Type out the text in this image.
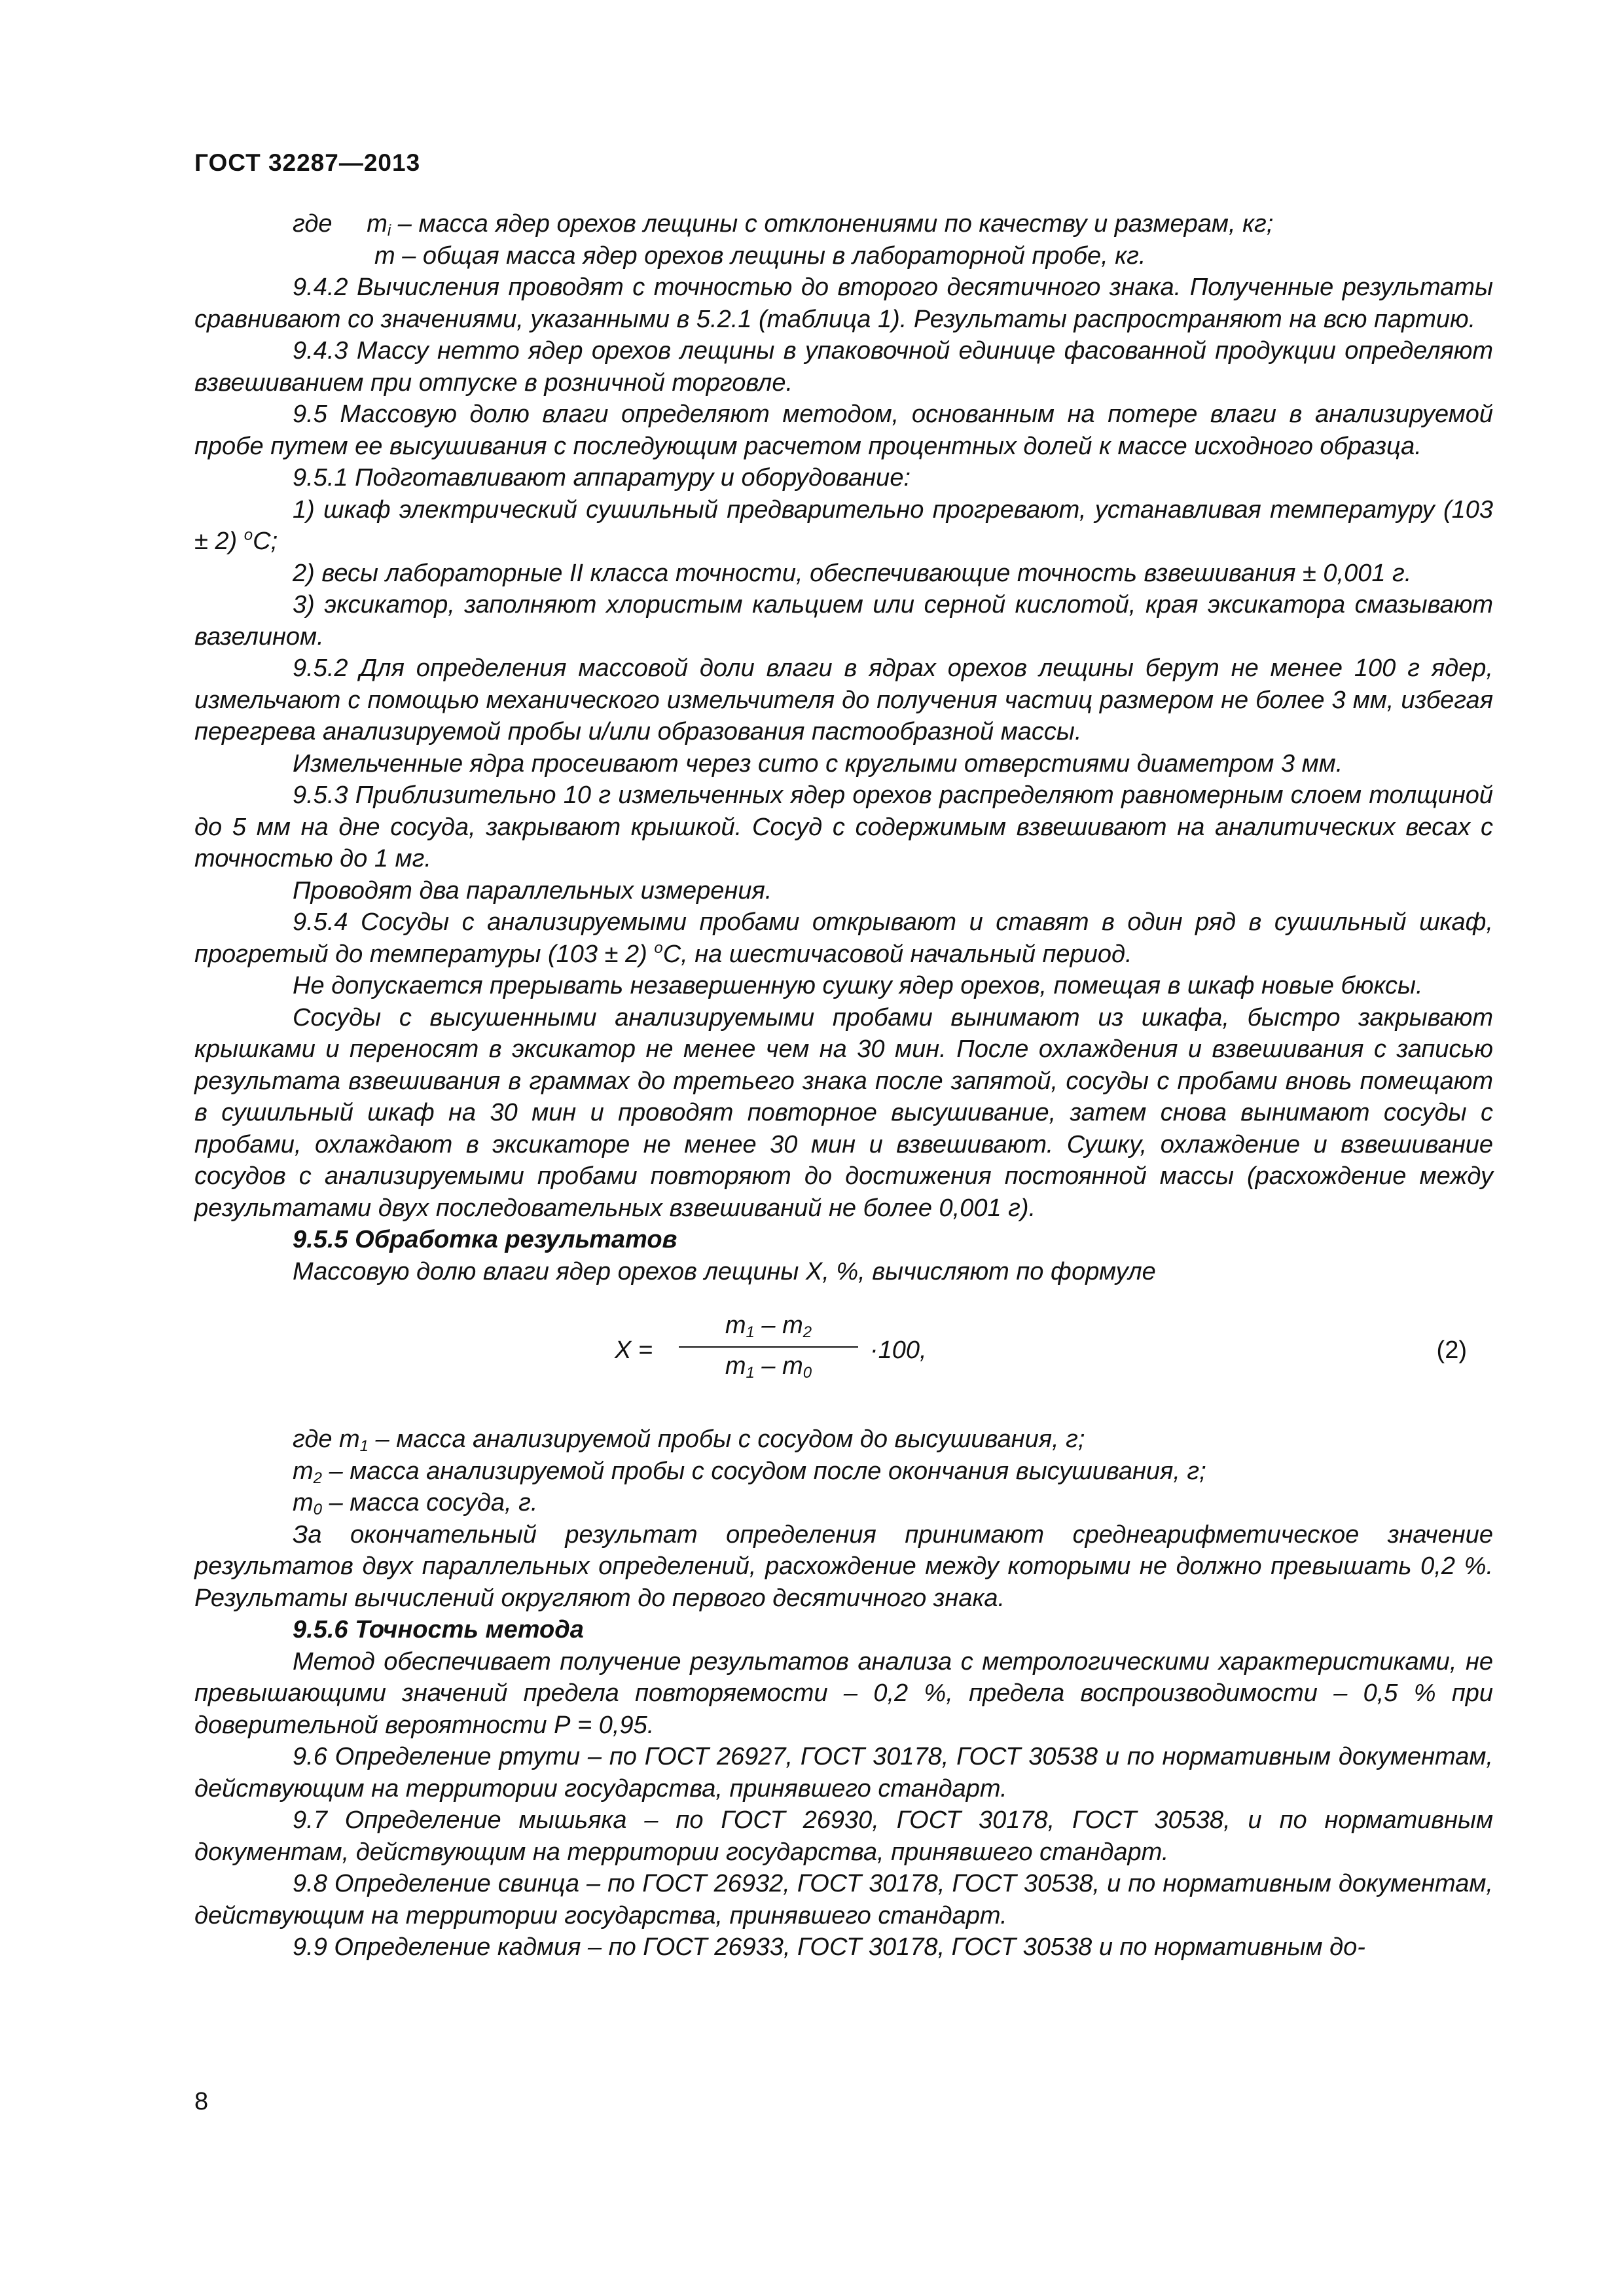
ГОСТ 32287—2013

где $m_i$ – масса ядер орехов лещины с отклонениями по качеству и размерам, кг;

m – общая масса ядер орехов лещины в лабораторной пробе, кг.

9.4.2 Вычисления проводят с точностью до второго десятичного знака. Полученные результаты сравнивают со значениями, указанными в 5.2.1 (таблица 1). Результаты распространяют на всю партию.

9.4.3 Массу нетто ядер орехов лещины в упаковочной единице фасованной продукции определяют взвешиванием при отпуске в розничной торговле.

9.5 Массовую долю влаги определяют методом, основанным на потере влаги в анализируемой пробе путем ее высушивания с последующим расчетом процентных долей к массе исходного образца.

9.5.1 Подготавливают аппаратуру и оборудование:

1) шкаф электрический сушильный предварительно прогревают, устанавливая температуру (103 ± 2) $^o$C;

2) весы лабораторные II класса точности, обеспечивающие точность взвешивания ± 0,001 г.

3) эксикатор, заполняют хлористым кальцием или серной кислотой, края эксикатора смазывают вазелином.

9.5.2 Для определения массовой доли влаги в ядрах орехов лещины берут не менее 100 г ядер, измельчают с помощью механического измельчителя до получения частиц размером не более 3 мм, избегая перегрева анализируемой пробы и/или образования пастообразной массы.

Измельченные ядра просеивают через сито с круглыми отверстиями диаметром 3 мм.

9.5.3 Приблизительно 10 г измельченных ядер орехов распределяют равномерным слоем толщиной до 5 мм на дне сосуда, закрывают крышкой. Сосуд с содержимым взвешивают на аналитических весах с точностью до 1 мг.

Проводят два параллельных измерения.

9.5.4 Сосуды с анализируемыми пробами открывают и ставят в один ряд в сушильный шкаф, прогретый до температуры (103 ± 2) $^o$С, на шестичасовой начальный период.

Не допускается прерывать незавершенную сушку ядер орехов, помещая в шкаф новые бюксы.

Сосуды с высушенными анализируемыми пробами вынимают из шкафа, быстро закрывают крышками и переносят в эксикатор не менее чем на 30 мин. После охлаждения и взвешивания с записью результата взвешивания в граммах до третьего знака после запятой, сосуды с пробами вновь помещают в сушильный шкаф на 30 мин и проводят повторное высушивание, затем снова вынимают сосуды с пробами, охлаждают в эксикаторе не менее 30 мин и взвешивают. Сушку, охлаждение и взвешивание сосудов с анализируемыми пробами повторяют до достижения постоянной массы (расхождение между результатами двух последовательных взвешиваний не более 0,001 г).

9.5.5 Обработка результатов

Массовую долю влаги ядер орехов лещины Х, %, вычисляют по формуле

Х =
$m_1 - m_2$
$m_1 - m_0$
·100,	(2)

где $m_1$ – масса анализируемой пробы с сосудом до высушивания, г;

$m_2$ – масса анализируемой пробы с сосудом после окончания высушивания, г;

$m_0$ – масса сосуда, г.

За окончательный результат определения принимают среднеарифметическое значение результатов двух параллельных определений, расхождение между которыми не должно превышать 0,2 %. Результаты вычислений округляют до первого десятичного знака.

9.5.6 Точность метода

Метод обеспечивает получение результатов анализа с метрологическими характеристиками, не превышающими значений предела повторяемости – 0,2 %, предела воспроизводимости – 0,5 % при доверительной вероятности Р = 0,95.

9.6 Определение ртути – по ГОСТ 26927, ГОСТ 30178, ГОСТ 30538 и по нормативным документам, действующим на территории государства, принявшего стандарт.

9.7 Определение мышьяка – по ГОСТ 26930, ГОСТ 30178, ГОСТ 30538, и по нормативным документам, действующим на территории государства, принявшего стандарт.

9.8 Определение свинца – по ГОСТ 26932, ГОСТ 30178, ГОСТ 30538, и по нормативным документам, действующим на территории государства, принявшего стандарт.

9.9 Определение кадмия – по ГОСТ 26933, ГОСТ 30178, ГОСТ 30538 и по нормативным до-

8
